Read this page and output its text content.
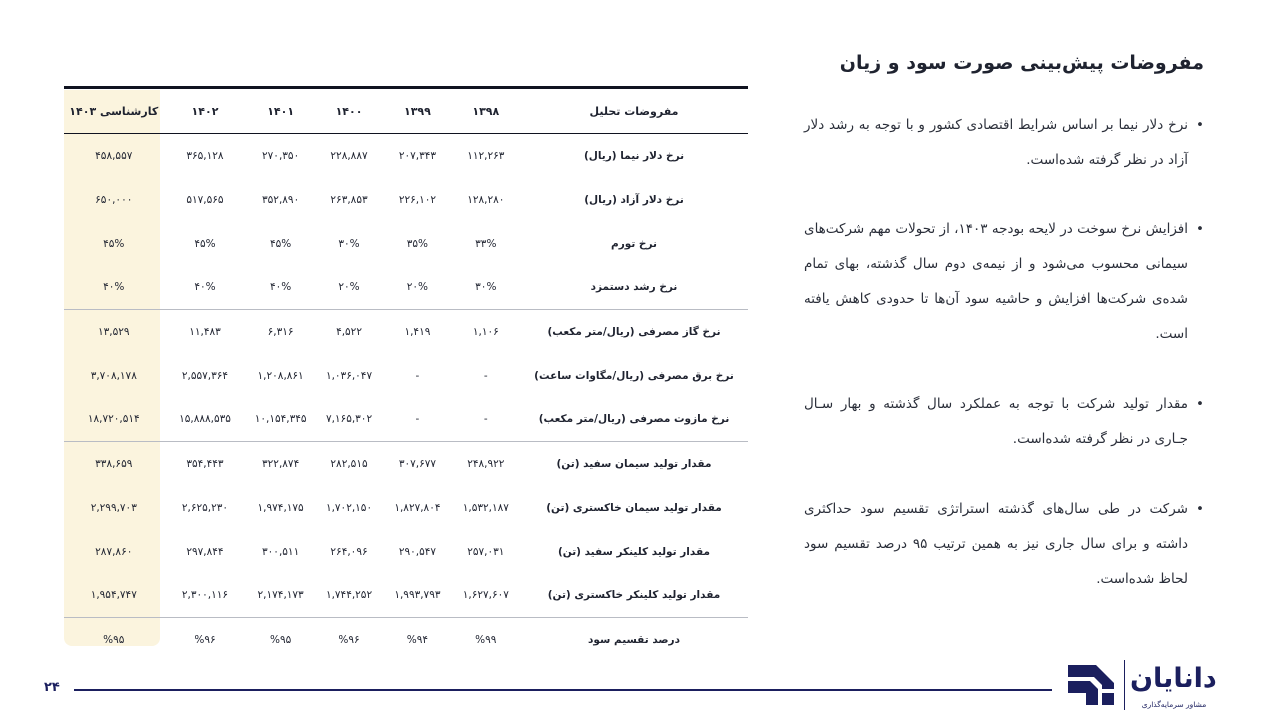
مفروضات پیش‌بینی صورت سود و زیان
• نرخ دلار نیما بر اساس شرایط اقتصادی کشور و با توجه به رشد دلار آزاد در نظر گرفته شده‌است.
• افزایش نرخ سوخت در لایحه بودجه ۱۴۰۳، از تحولات مهم شرکت‌های سیمانی محسوب می‌شود و از نیمه‌ی دوم سال گذشته، بهای تمام شده‌ی شرکت‌ها افزایش و حاشیه سود آن‌ها تا حدودی کاهش یافته است.
• مقدار تولید شرکت با توجه به عملکرد سال گذشته و بهار سـال جـاری در نظر گرفته شده‌است.
• شرکت در طی سال‌های گذشته استراتژی تقسیم سود حداکثری داشته و برای سال جاری نیز به همین ترتیب ۹۵ درصد تقسیم سود لحاظ شده‌است.
مفروضات تحلیل	۱۳۹۸	۱۳۹۹	۱۴۰۰	۱۴۰۱	۱۴۰۲	کارشناسی ۱۴۰۳
نرخ دلار نیما (ریال)	۱۱۲,۲۶۳	۲۰۷,۳۴۳	۲۲۸,۸۸۷	۲۷۰,۳۵۰	۳۶۵,۱۲۸	۴۵۸,۵۵۷
نرخ دلار آزاد (ریال)	۱۲۸,۲۸۰	۲۲۶,۱۰۲	۲۶۳,۸۵۳	۳۵۲,۸۹۰	۵۱۷,۵۶۵	۶۵۰,۰۰۰
نرخ تورم	۳۳%	۳۵%	۳۰%	۴۵%	۴۵%	۴۵%
نرخ رشد دستمزد	۳۰%	۲۰%	۲۰%	۴۰%	۴۰%	۴۰%
نرخ گاز مصرفی (ریال/متر مکعب)	۱,۱۰۶	۱,۴۱۹	۴,۵۲۲	۶,۳۱۶	۱۱,۴۸۳	۱۳,۵۲۹
نرخ برق مصرفی (ریال/مگاوات ساعت)	-	-	۱,۰۳۶,۰۴۷	۱,۲۰۸,۸۶۱	۲,۵۵۷,۳۶۴	۳,۷۰۸,۱۷۸
نرخ مازوت مصرفی (ریال/متر مکعب)	-	-	۷,۱۶۵,۳۰۲	۱۰,۱۵۴,۳۴۵	۱۵,۸۸۸,۵۳۵	۱۸,۷۲۰,۵۱۴
مقدار تولید سیمان سفید (تن)	۲۴۸,۹۲۲	۳۰۷,۶۷۷	۲۸۲,۵۱۵	۳۲۲,۸۷۴	۳۵۴,۴۴۳	۳۳۸,۶۵۹
مقدار تولید سیمان خاکستری (تن)	۱,۵۳۲,۱۸۷	۱,۸۲۷,۸۰۴	۱,۷۰۲,۱۵۰	۱,۹۷۴,۱۷۵	۲,۶۲۵,۲۳۰	۲,۲۹۹,۷۰۳
مقدار تولید کلینکر سفید (تن)	۲۵۷,۰۳۱	۲۹۰,۵۴۷	۲۶۴,۰۹۶	۳۰۰,۵۱۱	۲۹۷,۸۴۴	۲۸۷,۸۶۰
مقدار تولید کلینکر خاکستری (تن)	۱,۶۲۷,۶۰۷	۱,۹۹۳,۷۹۳	۱,۷۴۴,۲۵۲	۲,۱۷۴,۱۷۳	۲,۳۰۰,۱۱۶	۱,۹۵۴,۷۴۷
درصد تقسیم سود	%۹۹	%۹۴	%۹۶	%۹۵	%۹۶	%۹۵
۲۴	دانایان
مشاور سرمایه‌گذاری
